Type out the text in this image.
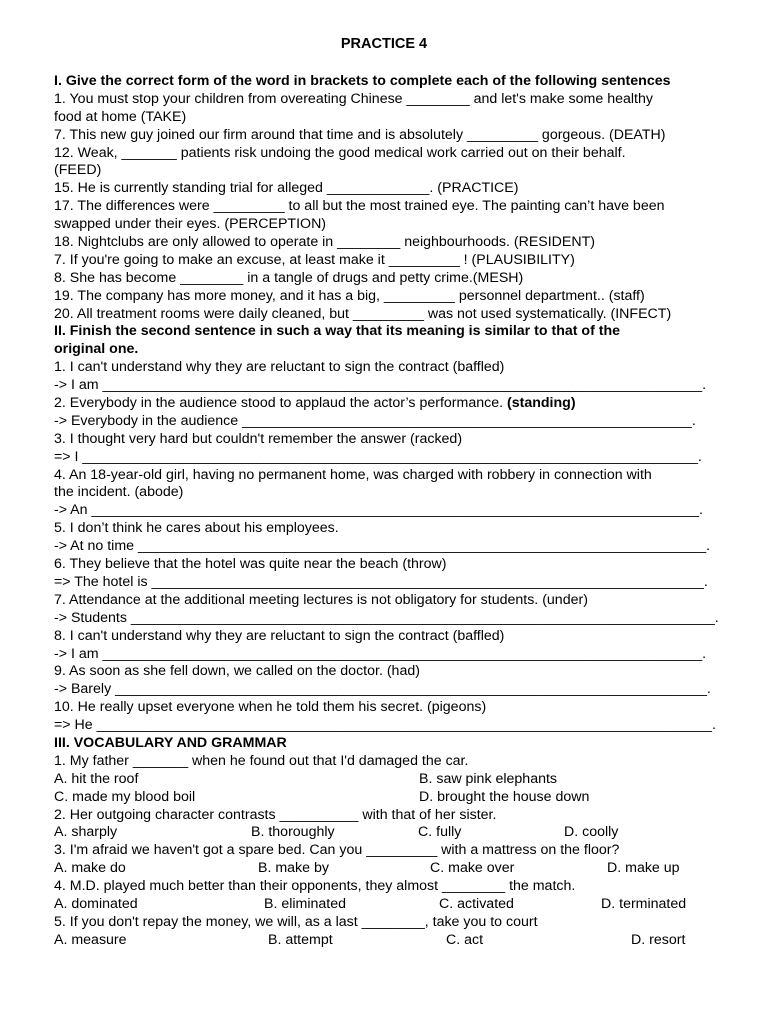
PRACTICE 4
I. Give the correct form of the word in brackets to complete each of the following sentences
1. You must stop your children from overeating Chinese ________ and let's make some healthy
food at home (TAKE)
7. This new guy joined our firm around that time and is absolutely _________ gorgeous. (DEATH)
12. Weak, _______ patients risk undoing the good medical work carried out on their behalf.
(FEED)
15. He is currently standing trial for alleged _____________. (PRACTICE)
17. The differences were _________ to all but the most trained eye. The painting can’t have been
swapped under their eyes. (PERCEPTION)
18. Nightclubs are only allowed to operate in ________ neighbourhoods. (RESIDENT)
7. If you're going to make an excuse, at least make it _________ ! (PLAUSIBILITY)
8. She has become ________ in a tangle of drugs and petty crime.(MESH)
19. The company has more money, and it has a big, _________ personnel department.. (staff)
20. All treatment rooms were daily cleaned, but _________ was not used systematically. (INFECT)
II. Finish the second sentence in such a way that its meaning is similar to that of the
original one.
1. I can't understand why they are reluctant to sign the contract (baffled)
-> I am ____________________________________________________________________________.
2. Everybody in the audience stood to applaud the actor’s performance. (standing)
-> Everybody in the audience _________________________________________________________.
3. I thought very hard but couldn't remember the answer (racked)
=> I ______________________________________________________________________________.
4. An 18-year-old girl, having no permanent home, was charged with robbery in connection with
the incident. (abode)
-> An _____________________________________________________________________________.
5. I don’t think he cares about his employees.
-> At no time ________________________________________________________________________.
6. They believe that the hotel was quite near the beach (throw)
=> The hotel is ______________________________________________________________________.
7. Attendance at the additional meeting lectures is not obligatory for students. (under)
-> Students __________________________________________________________________________.
8. I can't understand why they are reluctant to sign the contract (baffled)
-> I am ____________________________________________________________________________.
9. As soon as she fell down, we called on the doctor. (had)
-> Barely ___________________________________________________________________________.
10. He really upset everyone when he told them his secret. (pigeons)
=> He ______________________________________________________________________________.
III. VOCABULARY AND GRAMMAR
1. My father _______ when he found out that I'd damaged the car.
A. hit the roof	B. saw pink elephants
C. made my blood boil	D. brought the house down
2. Her outgoing character contrasts __________ with that of her sister.
A. sharply	B. thoroughly	C. fully	D. coolly
3. I'm afraid we haven't got a spare bed. Can you _________ with a mattress on the floor?
A. make do	B. make by	C. make over	D. make up
4. M.D. played much better than their opponents, they almost ________ the match.
A. dominated	B. eliminated	C. activated	D. terminated
5. If you don't repay the money, we will, as a last ________, take you to court
A. measure	B. attempt	C. act	D. resort
